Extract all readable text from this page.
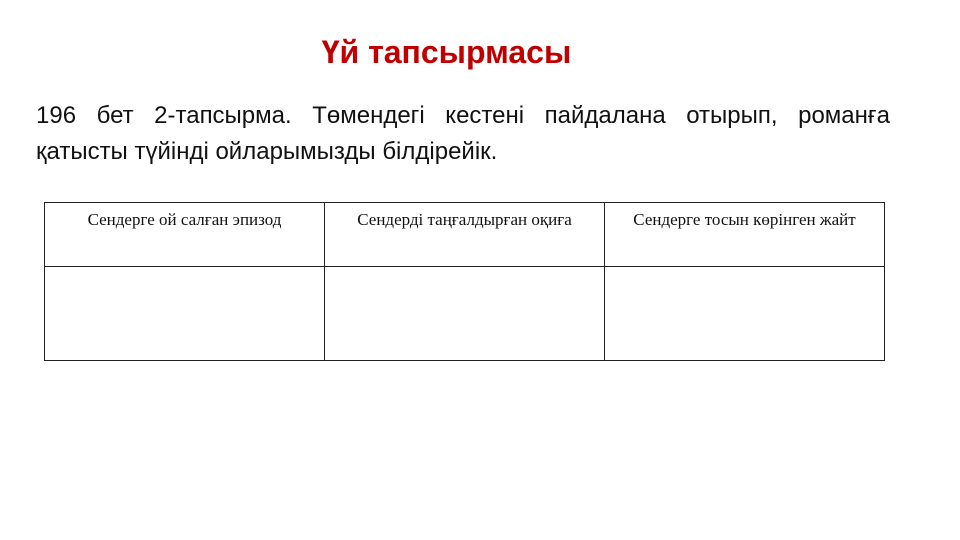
Үй тапсырмасы

196 бет 2-тапсырма. Төмендегі кестені пайдалана отырып, романға қатысты түйінді ойларымызды білдірейік.

Сендерге ой салған эпизод	Сендерді таңғалдырған оқиға	Сендерге тосын көрінген жайт
